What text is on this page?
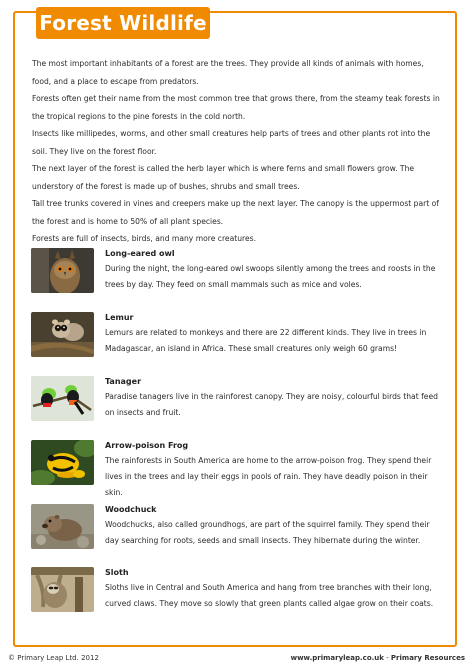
Forest Wildlife

The most important inhabitants of a forest are the trees. They provide all kinds of animals with homes, food, and a place to escape from predators.

Forests often get their name from the most common tree that grows there, from the steamy teak forests in the tropical regions to the pine forests in the cold north.

Insects like millipedes, worms, and other small creatures help parts of trees and other plants rot into the soil. They live on the forest floor.

The next layer of the forest is called the herb layer which is where ferns and small flowers grow. The understory of the forest is made up of bushes, shrubs and small trees.

Tall tree trunks covered in vines and creepers make up the next layer. The canopy is the uppermost part of the forest and is home to 50% of all plant species.

Forests are full of insects, birds, and many more creatures.

Long-eared owl
During the night, the long-eared owl swoops silently among the trees and roosts in the trees by day. They feed on small mammals such as mice and voles.
Lemur
Lemurs are related to monkeys and there are 22 different kinds. They live in trees in Madagascar, an island in Africa. These small creatures only weigh 60 grams!
Tanager
Paradise tanagers live in the rainforest canopy. They are noisy, colourful birds that feed on insects and fruit.
Arrow-poison Frog
The rainforests in South America are home to the arrow-poison frog. They spend their lives in the trees and lay their eggs in pools of rain. They have deadly poison in their skin.
Woodchuck
Woodchucks, also called groundhogs, are part of the squirrel family. They spend their day searching for roots, seeds and small insects. They hibernate during the winter.
Sloth
Sloths live in Central and South America and hang from tree branches with their long, curved claws. They move so slowly that green plants called algae grow on their coats.
© Primary Leap Ltd. 2012	www.primaryleap.co.uk - Primary Resources
